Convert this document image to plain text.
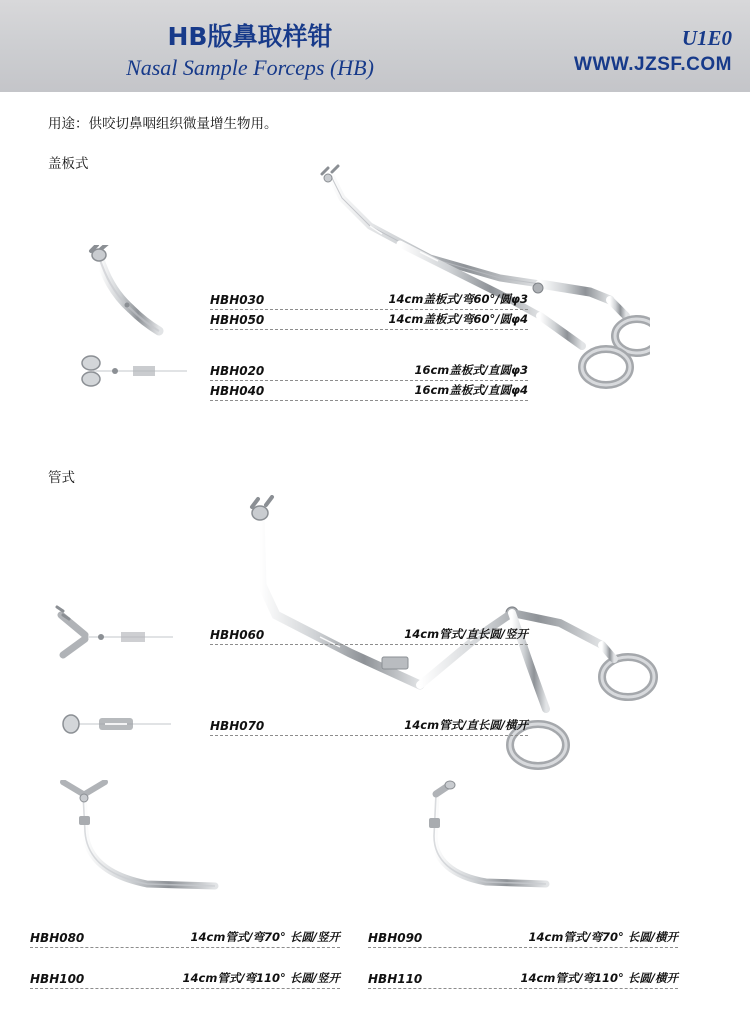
HB版鼻取样钳
Nasal Sample Forceps (HB)
U1E0
WWW.JZSF.COM
用途：供咬切鼻咽组织微量增生物用。
盖板式
管式
HBH030	14cm盖板式/弯60°/圆φ3
HBH050	14cm盖板式/弯60°/圆φ4
HBH020	16cm盖板式/直圆φ3
HBH040	16cm盖板式/直圆φ4
HBH060	14cm管式/直长圆/竖开
HBH070	14cm管式/直长圆/横开
HBH080	14cm管式/弯70° 长圆/竖开
HBH100	14cm管式/弯110° 长圆/竖开
HBH090	14cm管式/弯70° 长圆/横开
HBH110	14cm管式/弯110° 长圆/横开
